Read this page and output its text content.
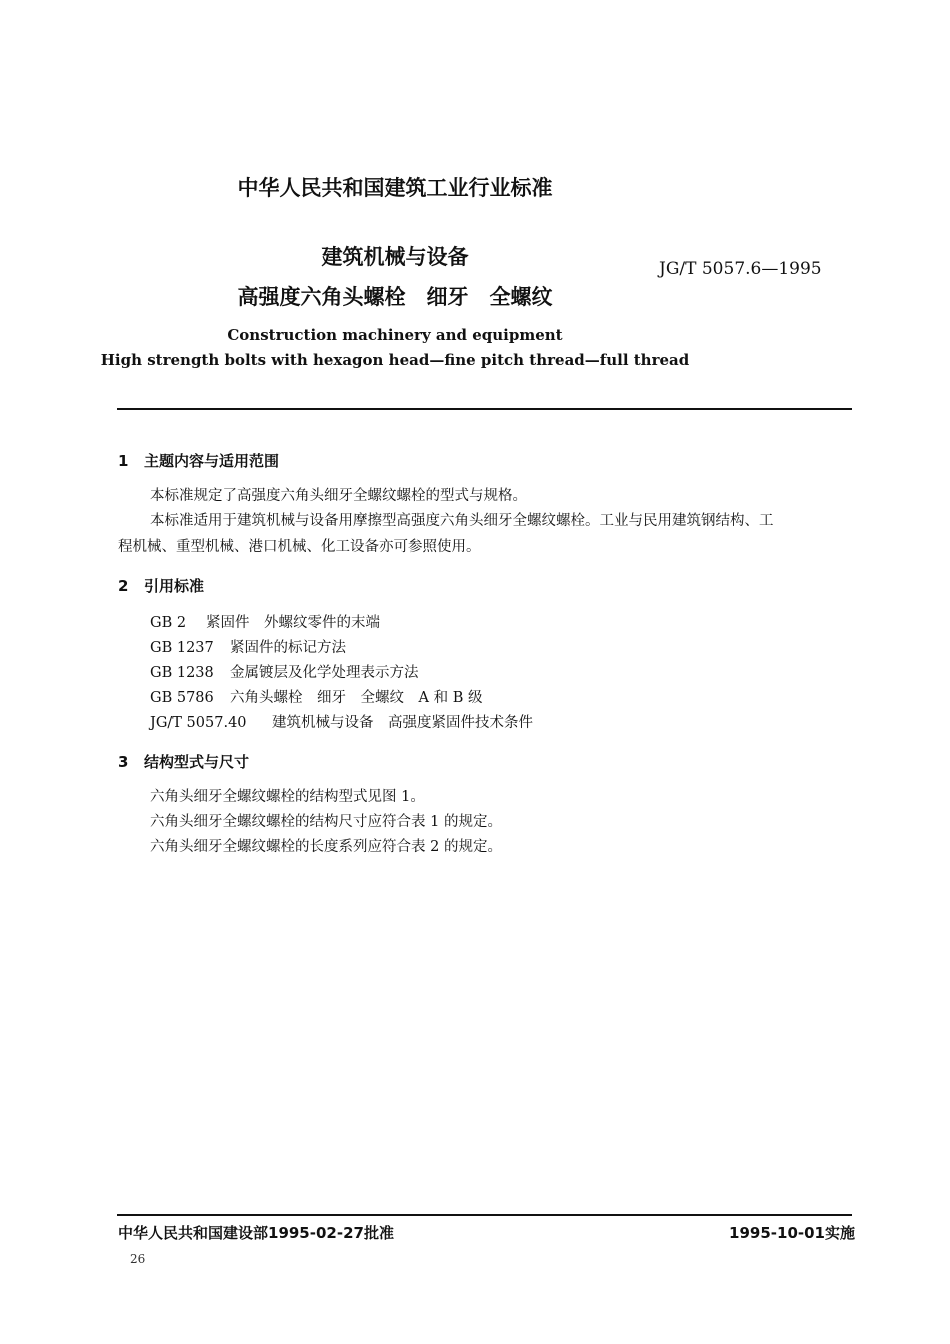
中华人民共和国建筑工业行业标准
建筑机械与设备
高强度六角头螺栓　细牙　全螺纹
JG/T 5057.6—1995
Construction machinery and equipment
High strength bolts with hexagon head—fine pitch thread—full thread
1 主题内容与适用范围
本标准规定了高强度六角头细牙全螺纹螺栓的型式与规格。
本标准适用于建筑机械与设备用摩擦型高强度六角头细牙全螺纹螺栓。工业与民用建筑钢结构、工
程机械、重型机械、港口机械、化工设备亦可参照使用。
2 引用标准
GB 2 紧固件　外螺纹零件的末端
GB 1237 紧固件的标记方法
GB 1238 金属镀层及化学处理表示方法
GB 5786 六角头螺栓　细牙　全螺纹　A 和 B 级
JG/T 5057.40 建筑机械与设备　高强度紧固件技术条件
3 结构型式与尺寸
六角头细牙全螺纹螺栓的结构型式见图 1。
六角头细牙全螺纹螺栓的结构尺寸应符合表 1 的规定。
六角头细牙全螺纹螺栓的长度系列应符合表 2 的规定。
中华人民共和国建设部1995-02-27批准	1995-10-01实施
26
